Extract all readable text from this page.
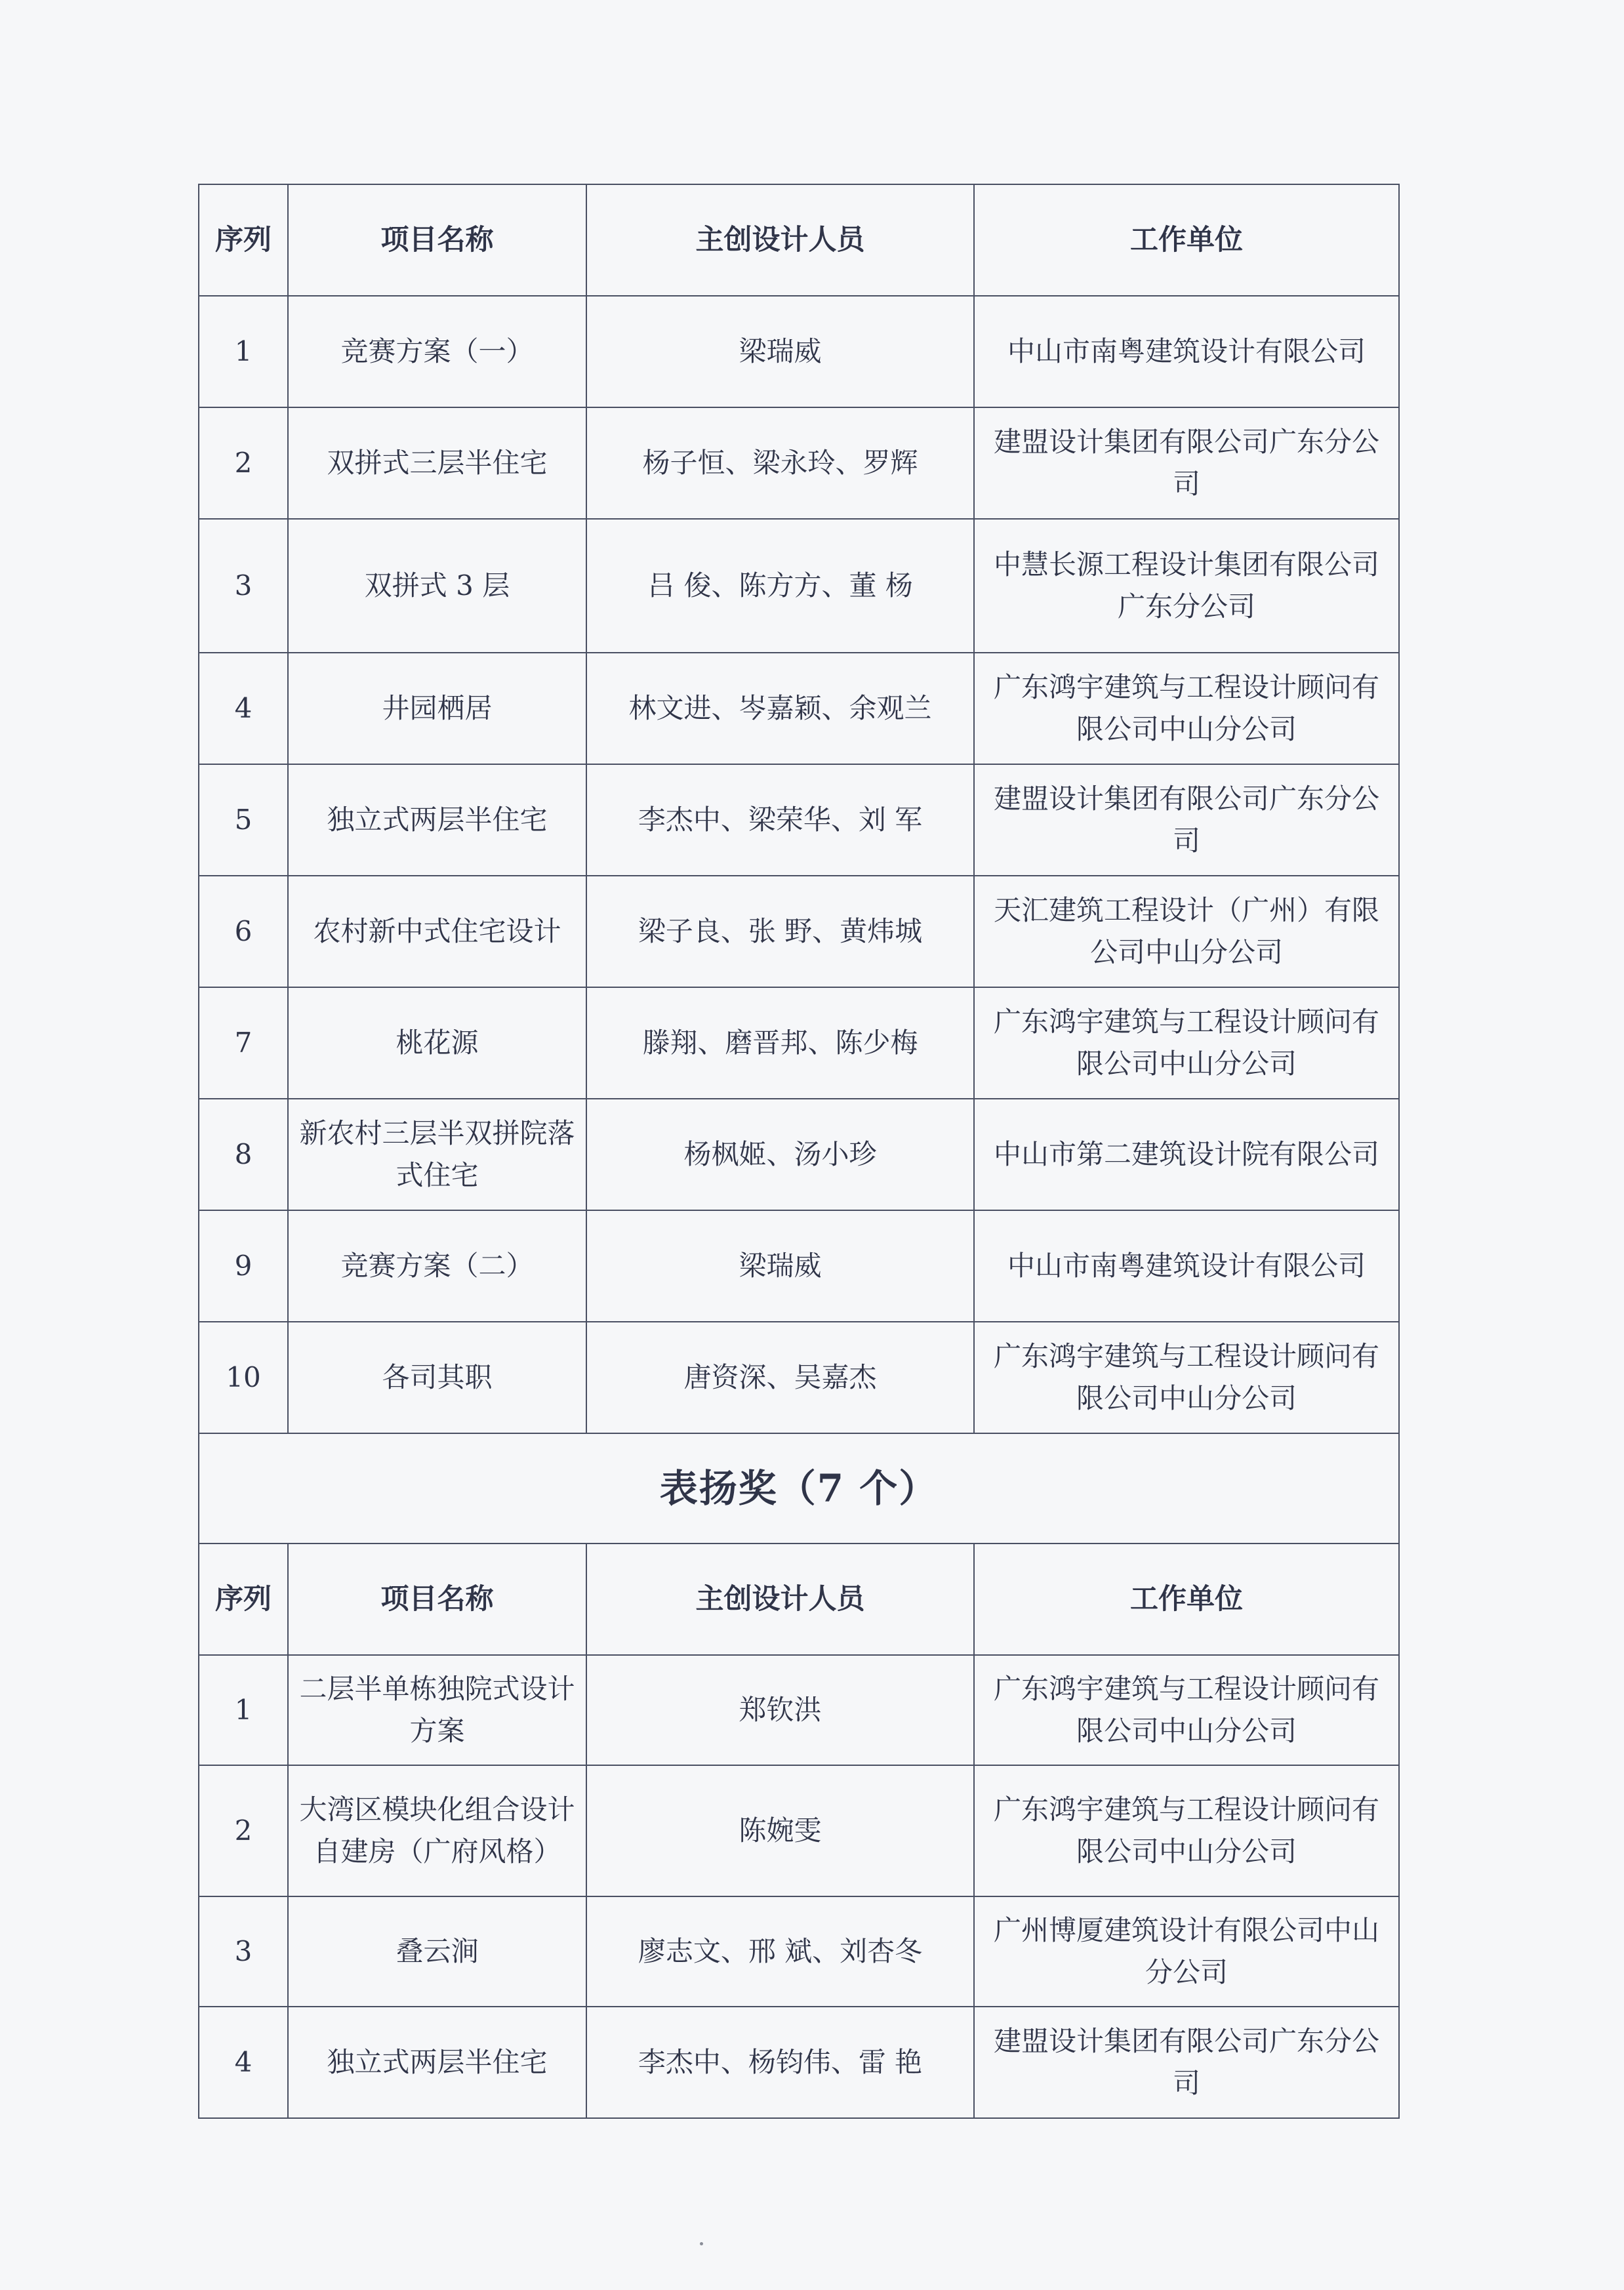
序列	项目名称	主创设计人员	工作单位
1	竞赛方案（一）	梁瑞威	中山市南粤建筑设计有限公司
2	双拼式三层半住宅	杨子恒、梁永玲、罗辉	建盟设计集团有限公司广东分公司
3	双拼式 3 层	吕 俊、陈方方、董 杨	中慧长源工程设计集团有限公司广东分公司
4	井园栖居	林文进、岑嘉颖、余观兰	广东鸿宇建筑与工程设计顾问有限公司中山分公司
5	独立式两层半住宅	李杰中、梁荣华、刘 军	建盟设计集团有限公司广东分公司
6	农村新中式住宅设计	梁子良、张 野、黄炜城	天汇建筑工程设计（广州）有限公司中山分公司
7	桃花源	滕翔、磨晋邦、陈少梅	广东鸿宇建筑与工程设计顾问有限公司中山分公司
8	新农村三层半双拼院落式住宅	杨枫姬、汤小珍	中山市第二建筑设计院有限公司
9	竞赛方案（二）	梁瑞威	中山市南粤建筑设计有限公司
10	各司其职	唐资深、吴嘉杰	广东鸿宇建筑与工程设计顾问有限公司中山分公司
表扬奖（7 个）			
序列	项目名称	主创设计人员	工作单位
1	二层半单栋独院式设计方案	郑钦洪	广东鸿宇建筑与工程设计顾问有限公司中山分公司
2	大湾区模块化组合设计自建房（广府风格）	陈婉雯	广东鸿宇建筑与工程设计顾问有限公司中山分公司
3	叠云涧	廖志文、邢 斌、刘杏冬	广州博厦建筑设计有限公司中山分公司
4	独立式两层半住宅	李杰中、杨钧伟、雷 艳	建盟设计集团有限公司广东分公司
